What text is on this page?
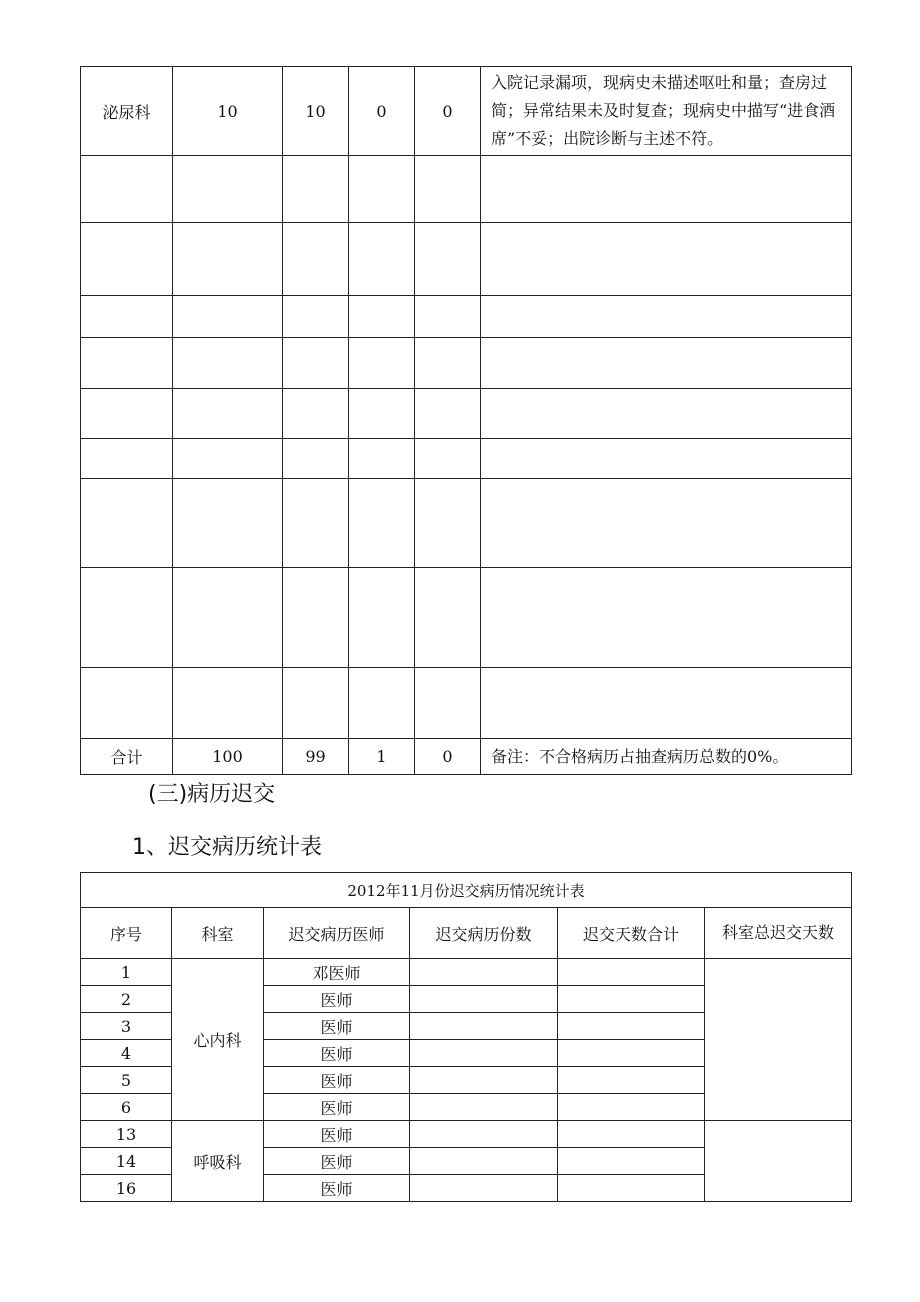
泌尿科	10	10	0	0	入院记录漏项，现病史未描述呕吐和量；查房过简；异常结果未及时复查；现病史中描写“进食酒席”不妥；出院诊断与主述不符。

合计	100	99	1	0	备注：不合格病历占抽查病历总数的0%。
(三)病历迟交
1、迟交病历统计表
2012年11月份迟交病历情况统计表					
序号	科室	迟交病历医师	迟交病历份数	迟交天数合计	科室总迟交天数
1	心内科	邓医师			
2		医师			
3		医师			
4		医师			
5		医师			
6		医师			
13	呼吸科	医师			
14		医师			
16		医师			
